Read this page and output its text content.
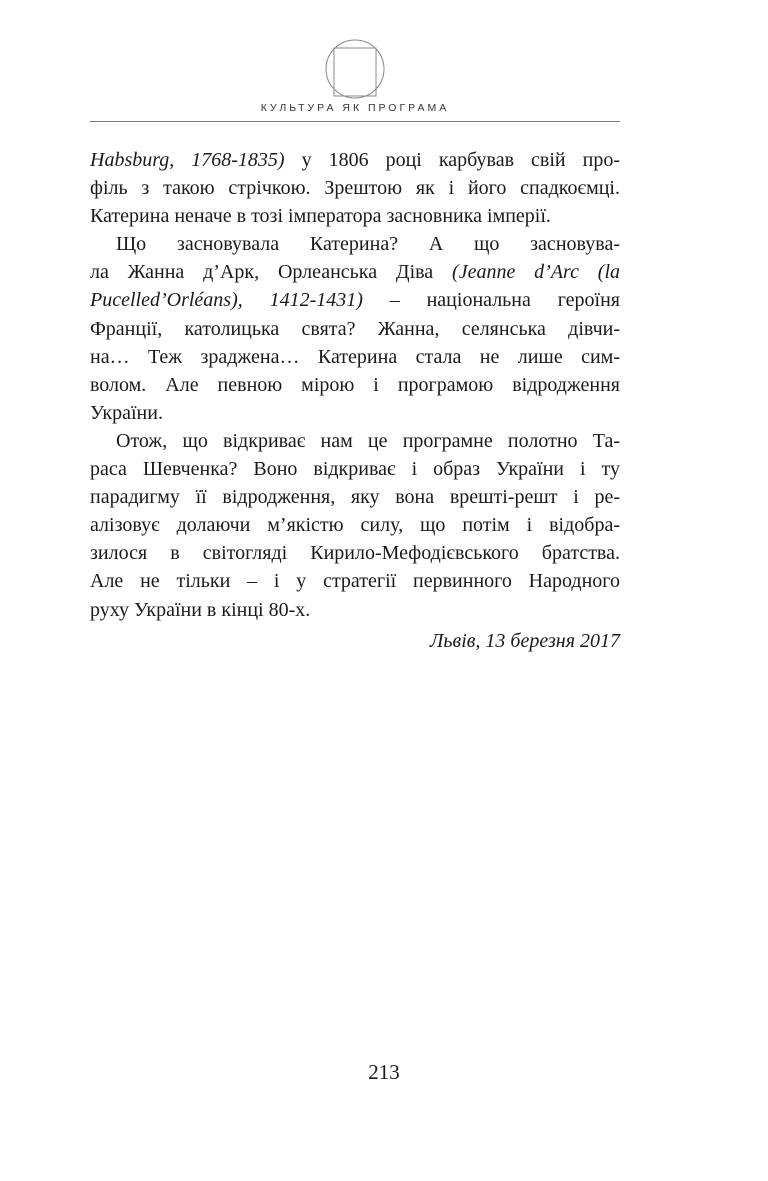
КУЛЬТУРА ЯК ПРОГРАМА
Habsburg, 1768-1835) у 1806 році карбував свій про-
філь з такою стрічкою. Зрештою як і його спадкоємці.
Катерина неначе в тозі імператора засновника імперії.
Що засновувала Катерина? А що засновува-
ла Жанна д’Арк, Орлеанська Діва (Jeanne d’Arc (la
Pucelled’Orléans), 1412-1431) – національна героїня
Франції, католицька свята? Жанна, селянська дівчи-
на… Теж зраджена… Катерина стала не лише сим-
волом. Але певною мірою і програмою відродження
України.
Отож, що відкриває нам це програмне полотно Та-
раса Шевченка? Воно відкриває і образ України і ту
парадигму її відродження, яку вона врешті-решт і ре-
алізовує долаючи м’якістю силу, що потім і відобра-
зилося в світогляді Кирило-Мефодієвського братства.
Але не тільки – і у стратегії первинного Народного
руху України в кінці 80-х.
Львів, 13 березня 2017
213
